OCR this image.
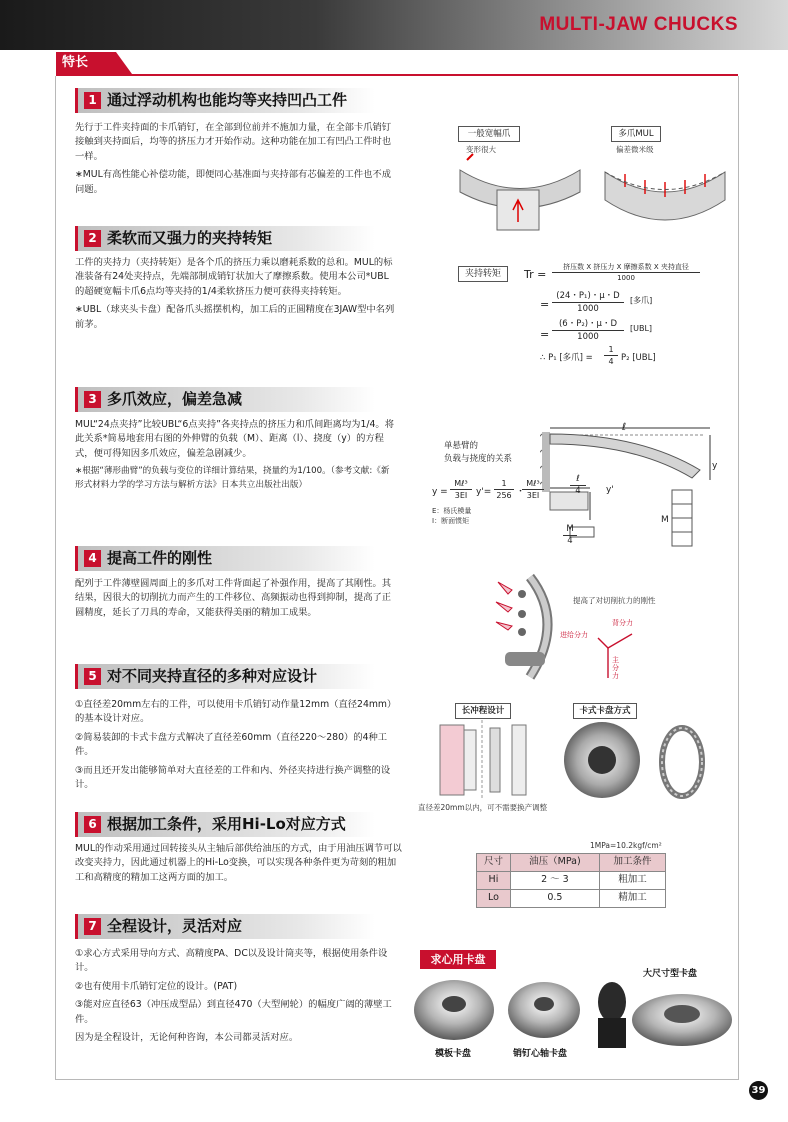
MULTI-JAW CHUCKS
特长
1 通过浮动机构也能均等夹持凹凸工件

先行于工件夹持面的卡爪销钉，在全部到位前并不施加力量，在全部卡爪销钉接触到夹持面后，均等的挤压力才开始作动。这种功能在加工有凹凸工件时也一样。

∗MUL有高性能心补偿功能，即便同心基准面与夹持部有芯偏差的工件也不成问题。

一般宽幅爪	多爪MUL
变形很大	偏差微米级
2 柔软而又强力的夹持转矩

工件的夹持力（夹持转矩）是各个爪的挤压力乘以磨耗系数的总和。MUL的标准装备有24处夹持点，先端部制成销钉状加大了摩擦系数。使用本公司*UBL的超硬宽幅卡爪6点均等夹持的1/4柔软挤压力便可获得夹持转矩。

∗UBL（球夹头卡盘）配备爪头摇摆机构，加工后的正圆精度在3JAW型中名列前茅。

夹持转矩	Tr =
挤压数 X 挤压力 X 摩擦系数 X 夹持直径
1000
=
(24・P₁)・μ・D
1000
[多爪]
=
(6・P₂)・μ・D
1000
[UBL]
∴ P₁ [多爪] =
1
4 P₂ [UBL]
3 多爪效应，偏差急减

MUL“24点夹持”比较UBL“6点夹持”各夹持点的挤压力和爪间距离均为1/4。将此关系*简易地套用右图的外伸臂的负载（M）、距离（l）、挠度（y）的方程式，便可得知因多爪效应，偏差急剧减少。

∗根据“薄形曲臂”的负载与变位的详细计算结果，挠量约为1/100。（参考文献:《新形式材料力学的学习方法与解析方法》日本共立出版社出版）

单悬臂的
负载与挠度的关系
ℓ
y
ℓ
4	y'
M
M
4
y =
Mℓ³
3EI y'=
1
256 ・
Mℓ³
3EI
E：杨氏模量
I：断面惯矩
4 提高工件的刚性

配列于工件薄壁圆周面上的多爪对工件背面起了补强作用，提高了其刚性。其结果，因很大的切削抗力而产生的工件移位、高频振动也得到抑制，提高了正圆精度，延长了刀具的寿命，又能获得美丽的精加工成果。

提高了对切削抗力的刚性
背分力
进给分力
主分力
5 对不同夹持直径的多种对应设计

①直径差20mm左右的工件，可以使用卡爪销钉动作量12mm（直径24mm）的基本设计对应。

②简易装卸的卡式卡盘方式解决了直径差60mm（直径220～280）的4种工件。

③而且还开发出能够简单对大直径差的工件和内、外径夹持进行换产调整的设计。

长冲程设计	卡式卡盘方式
直径差20mm以内，可不需要换产调整
6 根据加工条件，采用Hi-Lo对应方式

MUL的作动采用通过回转接头从主轴后部供给油压的方式，由于用油压调节可以改变夹持力，因此通过机器上的Hi-Lo变换，可以实现各种条件更为苛刻的粗加工和高精度的精加工这两方面的加工。

1MPa=10.2kgf/cm²
尺寸	油压（MPa)	加工条件
Hi	2 ～ 3	粗加工
Lo	0.5	精加工
7 全程设计，灵活对应

①求心方式采用导向方式、高精度PA、DC以及设计筒夹等，根据使用条件设计。

②也有使用卡爪销钉定位的设计。(PAT)

③能对应直径63（冲压成型品）到直径470（大型闸轮）的幅度广阔的薄壁工件。

因为是全程设计，无论何种咨询，本公司都灵活对应。

求心用卡盘
模板卡盘	销钉心轴卡盘
大尺寸型卡盘
39
